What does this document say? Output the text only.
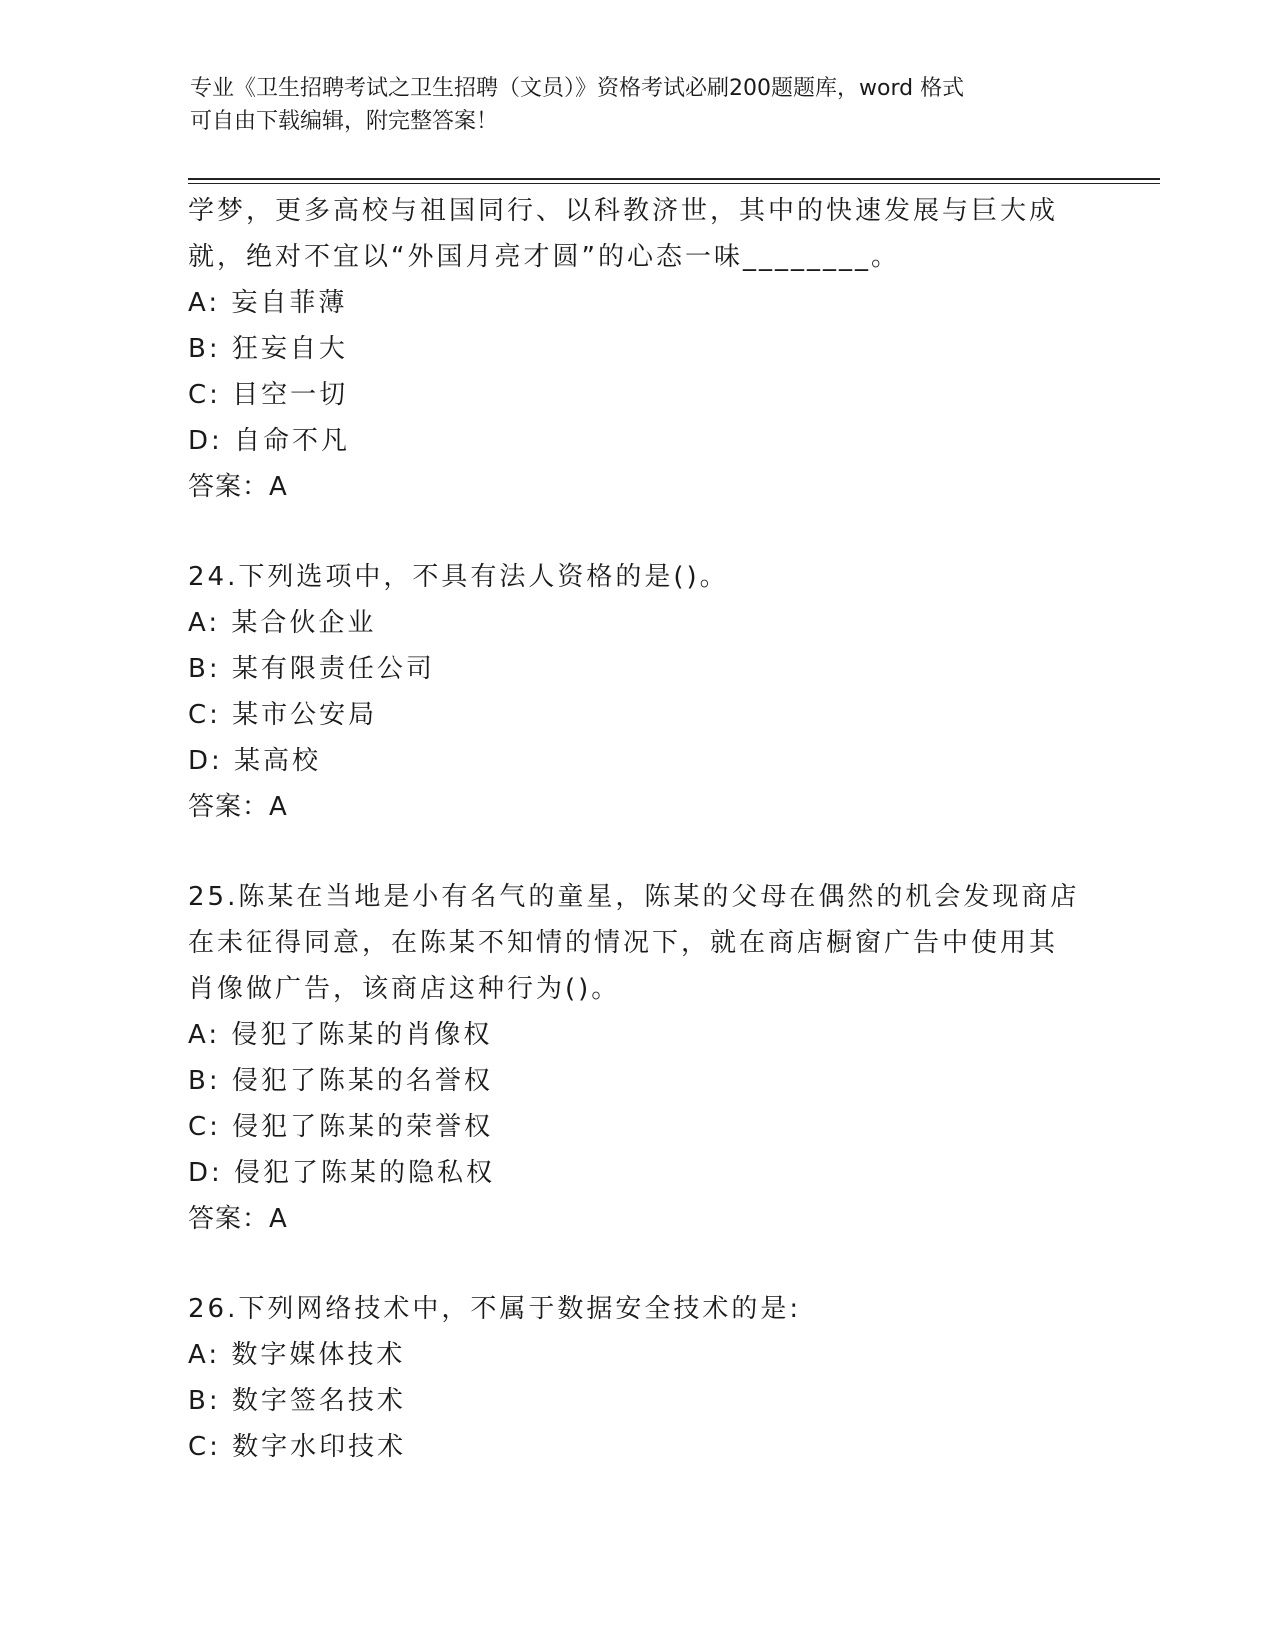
专业《卫生招聘考试之卫生招聘（文员）》资格考试必刷200题题库，word 格式
可自由下载编辑，附完整答案！
学梦，更多高校与祖国同行、以科教济世，其中的快速发展与巨大成
就，绝对不宜以“外国月亮才圆”的心态一味________。
A: 妄自菲薄
B: 狂妄自大
C: 目空一切
D: 自命不凡
答案：A
24.下列选项中，不具有法人资格的是()。
A: 某合伙企业
B: 某有限责任公司
C: 某市公安局
D: 某高校
答案：A
25.陈某在当地是小有名气的童星，陈某的父母在偶然的机会发现商店
在未征得同意，在陈某不知情的情况下，就在商店橱窗广告中使用其
肖像做广告，该商店这种行为()。
A: 侵犯了陈某的肖像权
B: 侵犯了陈某的名誉权
C: 侵犯了陈某的荣誉权
D: 侵犯了陈某的隐私权
答案：A
26.下列网络技术中，不属于数据安全技术的是:
A: 数字媒体技术
B: 数字签名技术
C: 数字水印技术
